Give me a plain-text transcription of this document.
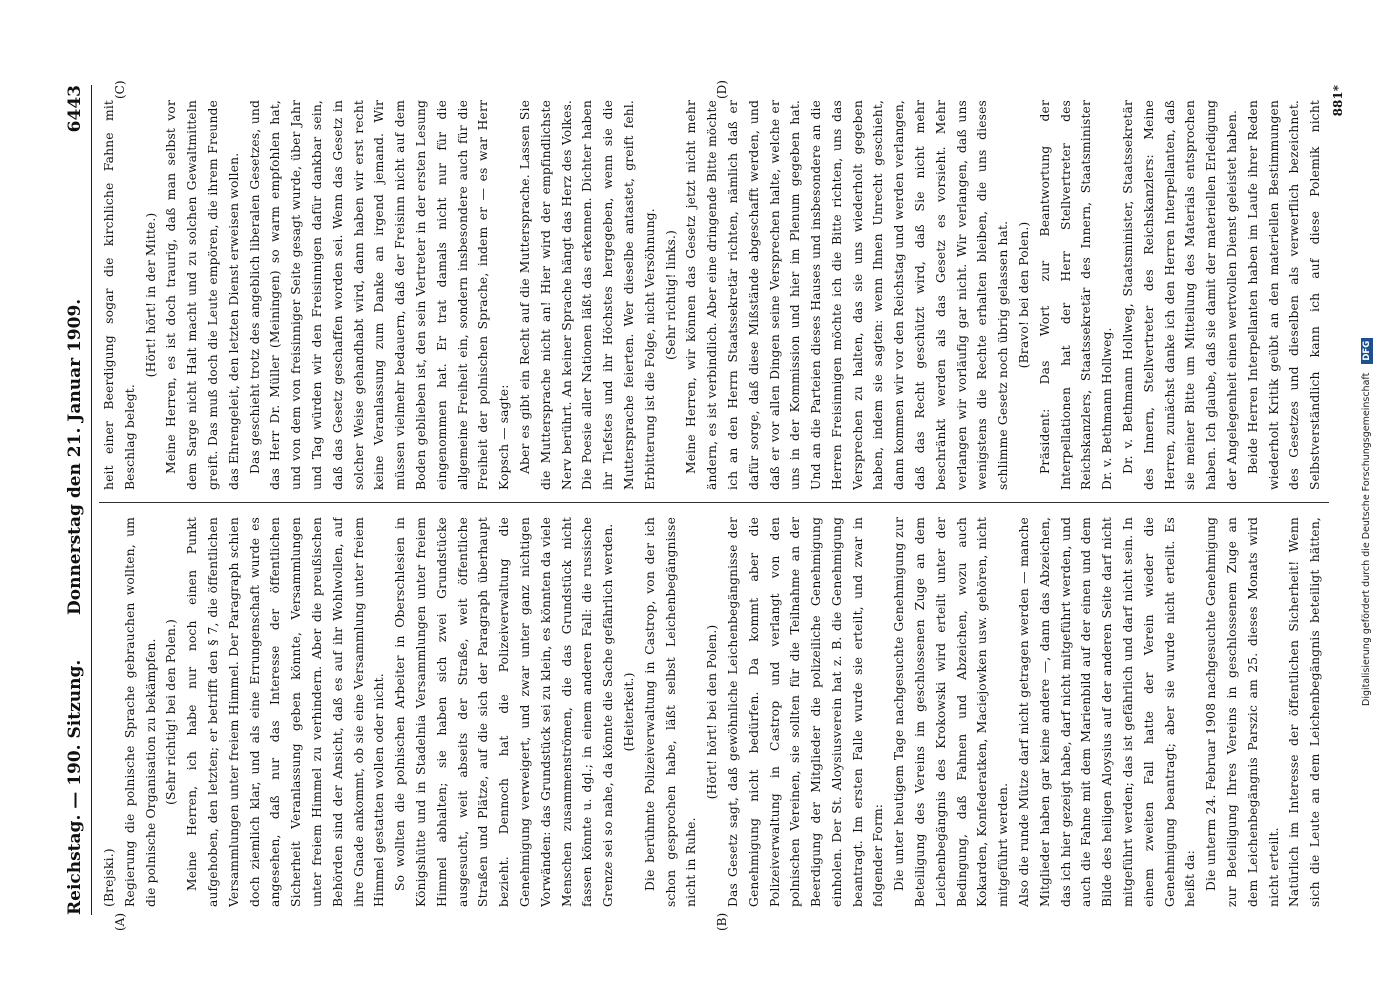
Reichstag. — 190. Sitzung.
Donnerstag den 21. Januar 1909.
6443
(A)	(B)
(C)	(D)

(Brejski.) Regierung die polnische Sprache gebrauchen wollten, um die polnische Organisation zu bekämpfen. (Sehr richtig! bei den Polen.) Meine Herren, ich habe nur noch einen Punkt aufgehoben, den letzten; er betrifft den § 7, die öffentlichen Versammlungen unter freiem Himmel. Der Paragraph schien doch ziemlich klar, und als eine Errungenschaft wurde es angesehen, daß nur das Interesse der öffentlichen Sicherheit Veranlassung geben könnte, Versammlungen unter freiem Himmel zu verhindern. Aber die preußischen Behörden sind der Ansicht, daß es auf ihr Wohlwollen, auf ihre Gnade ankommt, ob sie eine Versammlung unter freiem Himmel gestatten wollen oder nicht. So wollten die polnischen Arbeiter in Oberschlesien in Königshütte und in Stadelnia Versammlungen unter freiem Himmel abhalten; sie haben sich zwei Grundstücke ausgesucht, weit abseits der Straße, weit öffentliche Straßen und Plätze, auf die sich der Paragraph überhaupt bezieht. Dennoch hat die Polizeiverwaltung die Genehmigung verweigert, und zwar unter ganz nichtigen Vorwänden: das Grundstück sei zu klein, es könnten da viele Menschen zusammenströmen, die das Grundstück nicht fassen könnte u. dgl.; in einem anderen Fall: die russische Grenze sei so nahe, da könnte die Sache gefährlich werden. (Heiterkeit.) Die berühmte Polizeiverwaltung in Castrop, von der ich schon gesprochen habe, läßt selbst Leichenbegängnisse nicht in Ruhe.

(Hört! hört! bei den Polen.) Das Gesetz sagt, daß gewöhnliche Leichenbegängnisse der Genehmigung nicht bedürfen. Da kommt aber die Polizeiverwaltung in Castrop und verlangt von den polnischen Vereinen, sie sollten für die Teilnahme an der Beerdigung der Mitglieder die polizeiliche Genehmigung einholen. Der St. Aloysiusverein hat z. B. die Genehmigung beantragt. Im ersten Falle wurde sie erteilt, und zwar in folgender Form: Die unter heutigem Tage nachgesuchte Genehmigung zur Beteiligung des Vereins im geschlossenen Zuge an dem Leichenbegängnis des Krokowski wird erteilt unter der Bedingung, daß Fahnen und Abzeichen, wozu auch Kokarden, Konfederatken, Maciejowken usw. gehören, nicht mitgeführt werden. Also die runde Mütze darf nicht getragen werden — manche Mitglieder haben gar keine andere —, dann das Abzeichen, das ich hier gezeigt habe, darf nicht mitgeführt werden, und auch die Fahne mit dem Marienbild auf der einen und dem Bilde des heiligen Aloysius auf der anderen Seite darf nicht mitgeführt werden; das ist gefährlich und darf nicht sein. In einem zweiten Fall hatte der Verein wieder die Genehmigung beantragt; aber sie wurde nicht erteilt. Es heißt da: Die unterm 24. Februar 1908 nachgesuchte Genehmigung zur Beteiligung Ihres Vereins in geschlossenem Zuge an dem Leichenbegängnis Parszic am 25. dieses Monats wird nicht erteilt. Natürlich im Interesse der öffentlichen Sicherheit! Wenn sich die Leute an dem Leichenbegängnis beteiligt hätten,

heit einer Beerdigung sogar die kirchliche Fahne mit Beschlag belegt.

(Hört! hört! in der Mitte.) Meine Herren, es ist doch traurig, daß man selbst vor dem Sarge nicht Halt macht und zu solchen Gewaltmitteln greift. Das muß doch die Leute empören, die ihrem Freunde das Ehrengeleit, den letzten Dienst erweisen wollen. Das geschieht trotz des angeblich liberalen Gesetzes, und das Herr Dr. Müller (Meiningen) so warm empfohlen hat, und von dem von freisinniger Seite gesagt wurde, über Jahr und Tag würden wir den Freisinnigen dafür dankbar sein, daß das Gesetz geschaffen worden sei. Wenn das Gesetz in solcher Weise gehandhabt wird, dann haben wir erst recht keine Veranlassung zum Danke an irgend jemand. Wir müssen vielmehr bedauern, daß der Freisinn nicht auf dem Boden geblieben ist, den sein Vertreter in der ersten Lesung eingenommen hat. Er trat damals nicht nur für die allgemeine Freiheit ein, sondern insbesondere auch für die Freiheit der polnischen Sprache, indem er — es war Herr Kopsch — sagte: Aber es gibt ein Recht auf die Muttersprache. Lassen Sie die Muttersprache nicht an! Hier wird der empfindlichste Nerv berührt. An keiner Sprache hängt das Herz des Volkes. Die Poesie aller Nationen läßt das erkennen. Dichter haben ihr Tiefstes und ihr Höchstes hergegeben, wenn sie die Muttersprache feierten. Wer dieselbe antastet, greift fehl. Erbitterung ist die Folge, nicht Versöhnung. (Sehr richtig! links.) Meine Herren, wir können das Gesetz jetzt nicht mehr ändern, es ist verbindlich. Aber eine dringende Bitte möchte ich an den Herrn Staatssekretär richten, nämlich daß er dafür sorge, daß diese Mißstände abgeschafft werden, und daß er vor allen Dingen seine Versprechen halte, welche er uns in der Kommission und hier im Plenum gegeben hat. Und an die Parteien dieses Hauses und insbesondere an die Herren Freisinnigen möchte ich die Bitte richten, uns das Versprechen zu halten, das sie uns wiederholt gegeben haben, indem sie sagten: wenn Ihnen Unrecht geschieht, dann kommen wir vor den Reichstag und werden verlangen, daß das Recht geschützt wird, daß Sie nicht mehr beschränkt werden als das Gesetz es vorsieht. Mehr verlangen wir vorläufig gar nicht. Wir verlangen, daß uns wenigstens die Rechte erhalten bleiben, die uns dieses schlimme Gesetz noch übrig gelassen hat. (Bravo! bei den Polen.) Präsident: Das Wort zur Beantwortung der Interpellationen hat der Herr Stellvertreter des Reichskanzlers, Staatssekretär des Innern, Staatsminister Dr. v. Bethmann Hollweg. Dr. v. Bethmann Hollweg, Staatsminister, Staatssekretär des Innern, Stellvertreter des Reichskanzlers: Meine Herren, zunächst danke ich den Herren Interpellanten, daß sie meiner Bitte um Mitteilung des Materials entsprochen haben. Ich glaube, daß sie damit der materiellen Erledigung der Angelegenheit einen wertvollen Dienst geleistet haben. Beide Herren Interpellanten haben im Laufe ihrer Reden wiederholt Kritik geübt an den materiellen Bestimmungen des Gesetzes und dieselben als verwerflich bezeichnet. Selbstverständlich kann ich auf diese Polemik nicht 881*
Digitalisierung gefördert durch die Deutsche Forschungsgemeinschaft DFG
